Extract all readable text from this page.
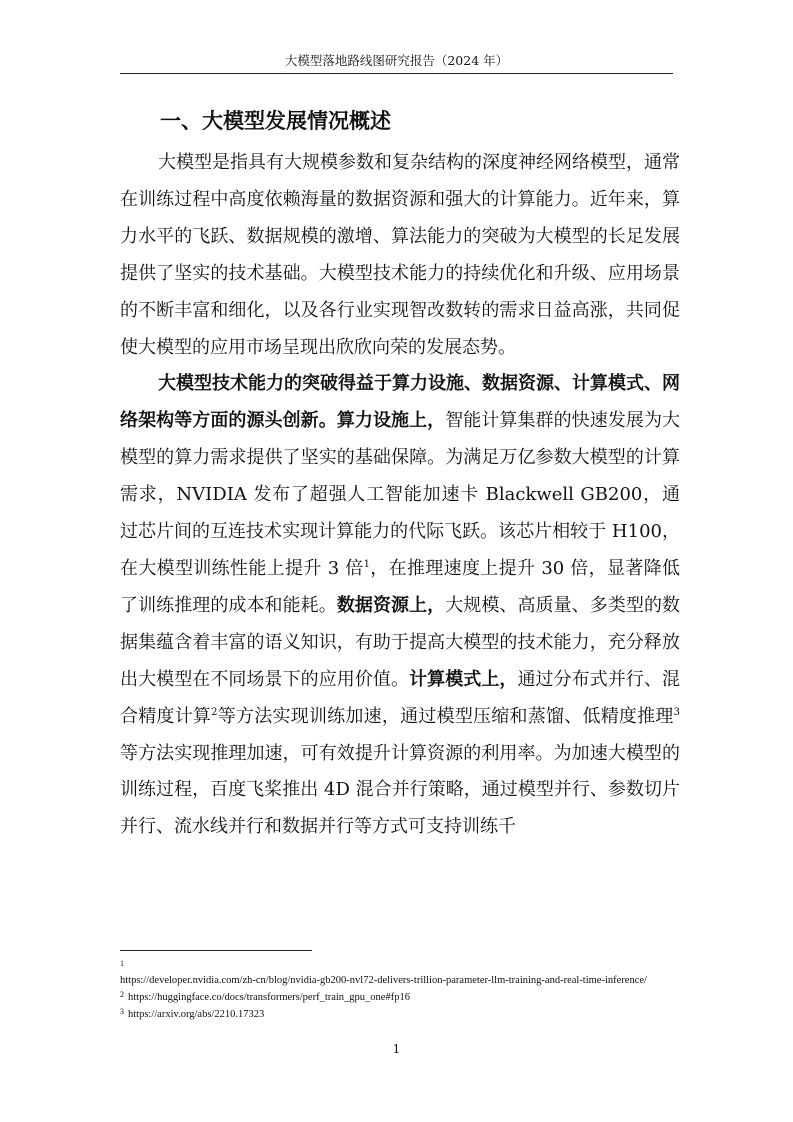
大模型落地路线图研究报告（2024 年）
一、大模型发展情况概述

大模型是指具有大规模参数和复杂结构的深度神经网络模型，通常在训练过程中高度依赖海量的数据资源和强大的计算能力。近年来，算力水平的飞跃、数据规模的激增、算法能力的突破为大模型的长足发展提供了坚实的技术基础。大模型技术能力的持续优化和升级、应用场景的不断丰富和细化，以及各行业实现智改数转的需求日益高涨，共同促使大模型的应用市场呈现出欣欣向荣的发展态势。

大模型技术能力的突破得益于算力设施、数据资源、计算模式、网络架构等方面的源头创新。算力设施上，智能计算集群的快速发展为大模型的算力需求提供了坚实的基础保障。为满足万亿参数大模型的计算需求，NVIDIA 发布了超强人工智能加速卡 Blackwell GB200，通过芯片间的互连技术实现计算能力的代际飞跃。该芯片相较于 H100，在大模型训练性能上提升 3 倍$^1$，在推理速度上提升 30 倍，显著降低了训练推理的成本和能耗。数据资源上，大规模、高质量、多类型的数据集蕴含着丰富的语义知识，有助于提高大模型的技术能力，充分释放出大模型在不同场景下的应用价值。计算模式上，通过分布式并行、混合精度计算$^2$等方法实现训练加速，通过模型压缩和蒸馏、低精度推理$^3$等方法实现推理加速，可有效提升计算资源的利用率。为加速大模型的训练过程，百度飞桨推出 4D 混合并行策略，通过模型并行、参数切片并行、流水线并行和数据并行等方式可支持训练千

$^1$
https://developer.nvidia.com/zh-cn/blog/nvidia-gb200-nvl72-delivers-trillion-parameter-llm-training-and-real-time-inference/

$^2$ https://huggingface.co/docs/transformers/perf_train_gpu_one#fp16

$^3$ https://arxiv.org/abs/2210.17323

1
